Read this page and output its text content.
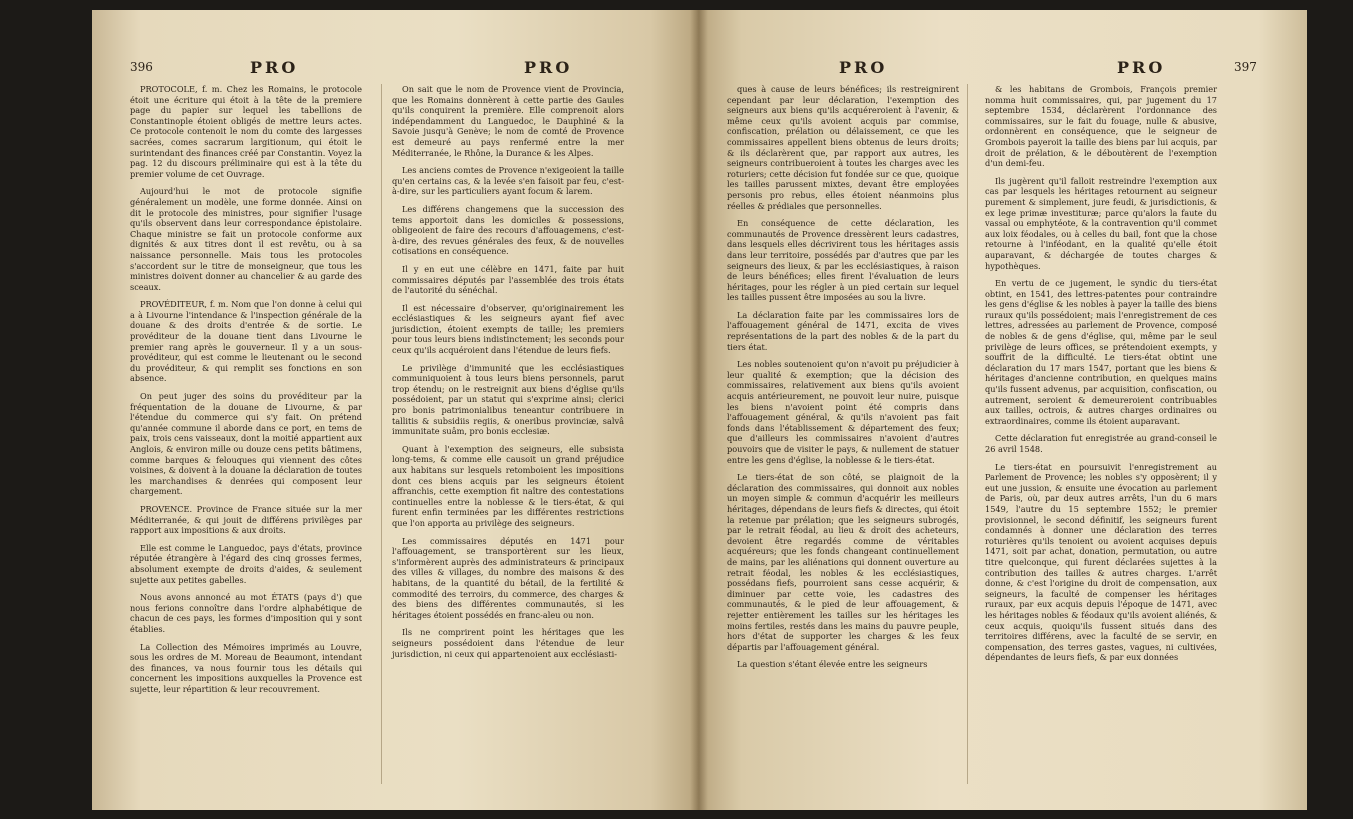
396	PRO	PRO

PROTOCOLE, f. m. Chez les Romains, le protocole étoit une écriture qui étoit à la tête de la premiere page du papier sur lequel les tabellions de Constantinople étoient obligés de mettre leurs actes. Ce protocole contenoit le nom du comte des largesses sacrées, comes sacrarum largitionum, qui étoit le surintendant des finances créé par Constantin. Voyez la pag. 12 du discours préliminaire qui est à la tête du premier volume de cet Ouvrage.

Aujourd'hui le mot de protocole signifie généralement un modèle, une forme donnée. Ainsi on dit le protocole des ministres, pour signifier l'usage qu'ils observent dans leur correspondance épistolaire. Chaque ministre se fait un protocole conforme aux dignités & aux titres dont il est revêtu, ou à sa naissance personnelle. Mais tous les protocoles s'accordent sur le titre de monseigneur, que tous les ministres doivent donner au chancelier & au garde des sceaux.

PROVÉDITEUR, f. m. Nom que l'on donne à celui qui a à Livourne l'intendance & l'inspection générale de la douane & des droits d'entrée & de sortie. Le provéditeur de la douane tient dans Livourne le premier rang après le gouverneur. Il y a un sous-provéditeur, qui est comme le lieutenant ou le second du provéditeur, & qui remplit ses fonctions en son absence.

On peut juger des soins du provéditeur par la fréquentation de la douane de Livourne, & par l'étendue du commerce qui s'y fait. On prétend qu'année commune il aborde dans ce port, en tems de paix, trois cens vaisseaux, dont la moitié appartient aux Anglois, & environ mille ou douze cens petits bâtimens, comme barques & felouques qui viennent des côtes voisines, & doivent à la douane la déclaration de toutes les marchandises & denrées qui composent leur chargement.

PROVENCE. Province de France située sur la mer Méditerranée, & qui jouit de différens privilèges par rapport aux impositions & aux droits.

Elle est comme le Languedoc, pays d'états, province réputée étrangère à l'égard des cinq grosses fermes, absolument exempte de droits d'aides, & seulement sujette aux petites gabelles.

Nous avons annoncé au mot ÉTATS (pays d') que nous ferions connoître dans l'ordre alphabétique de chacun de ces pays, les formes d'imposition qui y sont établies.

La Collection des Mémoires imprimés au Louvre, sous les ordres de M. Moreau de Beaumont, intendant des finances, va nous fournir tous les détails qui concernent les impositions auxquelles la Provence est sujette, leur répartition & leur recouvrement.

On sait que le nom de Provence vient de Provincia, que les Romains donnèrent à cette partie des Gaules qu'ils conquirent la première. Elle comprenoit alors indépendamment du Languedoc, le Dauphiné & la Savoie jusqu'à Genève; le nom de comté de Provence est demeuré au pays renfermé entre la mer Méditerranée, le Rhône, la Durance & les Alpes.

Les anciens comtes de Provence n'exigeoient la taille qu'en certains cas, & la levée s'en faisoit par feu, c'est-à-dire, sur les particuliers ayant focum & larem.

Les différens changemens que la succession des tems apportoit dans les domiciles & possessions, obligeoient de faire des recours d'affouagemens, c'est-à-dire, des revues générales des feux, & de nouvelles cotisations en conséquence.

Il y en eut une célèbre en 1471, faite par huit commissaires députés par l'assemblée des trois états de l'autorité du sénéchal.

Il est nécessaire d'observer, qu'originairement les ecclésiastiques & les seigneurs ayant fief avec jurisdiction, étoient exempts de taille; les premiers pour tous leurs biens indistinctement; les seconds pour ceux qu'ils acquéroient dans l'étendue de leurs fiefs.

Le privilège d'immunité que les ecclésiastiques communiquoient à tous leurs biens personnels, parut trop étendu; on le restreignit aux biens d'église qu'ils possédoient, par un statut qui s'exprime ainsi; clerici pro bonis patrimonialibus teneantur contribuere in tallitis & subsidiis regiis, & oneribus provinciæ, salvâ immunitate suâm, pro bonis ecclesiæ.

Quant à l'exemption des seigneurs, elle subsista long-tems, & comme elle causoit un grand préjudice aux habitans sur lesquels retomboient les impositions dont ces biens acquis par les seigneurs étoient affranchis, cette exemption fit naître des contestations continuelles entre la noblesse & le tiers-état, & qui furent enfin terminées par les différentes restrictions que l'on apporta au privilège des seigneurs.

Les commissaires députés en 1471 pour l'affouagement, se transportèrent sur les lieux, s'informèrent auprès des administrateurs & principaux des villes & villages, du nombre des maisons & des habitans, de la quantité du bétail, de la fertilité & commodité des terroirs, du commerce, des charges & des biens des différentes communautés, si les héritages étoient possédés en franc-aleu ou non.

Ils ne comprirent point les héritages que les seigneurs possédoient dans l'étendue de leur jurisdiction, ni ceux qui appartenoient aux ecclésiasti-

PRO	PRO	397

ques à cause de leurs bénéfices; ils restreignirent cependant par leur déclaration, l'exemption des seigneurs aux biens qu'ils acquéreroient à l'avenir, & même ceux qu'ils avoient acquis par commise, confiscation, prélation ou délaissement, ce que les commissaires appellent biens obtenus de leurs droits; & ils déclarèrent que, par rapport aux autres, les seigneurs contribueroient à toutes les charges avec les roturiers; cette décision fut fondée sur ce que, quoique les tailles parussent mixtes, devant être employées personis pro rebus, elles étoient néanmoins plus réelles & prédiales que personnelles.

En conséquence de cette déclaration, les communautés de Provence dressèrent leurs cadastres, dans lesquels elles décrivirent tous les héritages assis dans leur territoire, possédés par d'autres que par les seigneurs des lieux, & par les ecclésiastiques, à raison de leurs bénéfices; elles firent l'évaluation de leurs héritages, pour les régler à un pied certain sur lequel les tailles pussent être imposées au sou la livre.

La déclaration faite par les commissaires lors de l'affouagement général de 1471, excita de vives représentations de la part des nobles & de la part du tiers état.

Les nobles soutenoient qu'on n'avoit pu préjudicier à leur qualité & exemption; que la décision des commissaires, relativement aux biens qu'ils avoient acquis antérieurement, ne pouvoit leur nuire, puisque les biens n'avoient point été compris dans l'affouagement général, & qu'ils n'avoient pas fait fonds dans l'établissement & département des feux; que d'ailleurs les commissaires n'avoient d'autres pouvoirs que de visiter le pays, & nullement de statuer entre les gens d'église, la noblesse & le tiers-état.

Le tiers-état de son côté, se plaignoit de la déclaration des commissaires, qui donnoit aux nobles un moyen simple & commun d'acquérir les meilleurs héritages, dépendans de leurs fiefs & directes, qui étoit la retenue par prélation; que les seigneurs subrogés, par le retrait féodal, au lieu & droit des acheteurs, devoient être regardés comme de véritables acquéreurs; que les fonds changeant continuellement de mains, par les aliénations qui donnent ouverture au retrait féodal, les nobles & les ecclésiastiques, possédans fiefs, pourroient sans cesse acquérir, & diminuer par cette voie, les cadastres des communautés, & le pied de leur affouagement, & rejetter entièrement les tailles sur les héritages les moins fertiles, restés dans les mains du pauvre peuple, hors d'état de supporter les charges & les feux départis par l'affouagement général.

La question s'étant élevée entre les seigneurs

& les habitans de Grombois, François premier nomma huit commissaires, qui, par jugement du 17 septembre 1534, déclarèrent l'ordonnance des commissaires, sur le fait du fouage, nulle & abusive, ordonnèrent en conséquence, que le seigneur de Grombois payeroit la taille des biens par lui acquis, par droit de prélation, & le déboutèrent de l'exemption d'un demi-feu.

Ils jugèrent qu'il falloit restreindre l'exemption aux cas par lesquels les héritages retournent au seigneur purement & simplement, jure feudi, & jurisdictionis, & ex lege primæ investituræ; parce qu'alors la faute du vassal ou emphytéote, & la contravention qu'il commet aux loix féodales, ou à celles du bail, font que la chose retourne à l'inféodant, en la qualité qu'elle étoit auparavant, & déchargée de toutes charges & hypothèques.

En vertu de ce jugement, le syndic du tiers-état obtint, en 1541, des lettres-patentes pour contraindre les gens d'église & les nobles à payer la taille des biens ruraux qu'ils possédoient; mais l'enregistrement de ces lettres, adressées au parlement de Provence, composé de nobles & de gens d'église, qui, même par le seul privilège de leurs offices, se prétendoient exempts, y souffrit de la difficulté. Le tiers-état obtint une déclaration du 17 mars 1547, portant que les biens & héritages d'ancienne contribution, en quelques mains qu'ils fussent advenus, par acquisition, confiscation, ou autrement, seroient & demeureroient contribuables aux tailles, octrois, & autres charges ordinaires ou extraordinaires, comme ils étoient auparavant.

Cette déclaration fut enregistrée au grand-conseil le 26 avril 1548.

Le tiers-état en poursuivit l'enregistrement au Parlement de Provence; les nobles s'y opposèrent; il y eut une jussion, & ensuite une évocation au parlement de Paris, où, par deux autres arrêts, l'un du 6 mars 1549, l'autre du 15 septembre 1552; le premier provisionnel, le second définitif, les seigneurs furent condamnés à donner une déclaration des terres roturières qu'ils tenoient ou avoient acquises depuis 1471, soit par achat, donation, permutation, ou autre titre quelconque, qui furent déclarées sujettes à la contribution des tailles & autres charges. L'arrêt donne, & c'est l'origine du droit de compensation, aux seigneurs, la faculté de compenser les héritages ruraux, par eux acquis depuis l'époque de 1471, avec les héritages nobles & féodaux qu'ils avoient aliénés, & ceux acquis, quoiqu'ils fussent situés dans des territoires différens, avec la faculté de se servir, en compensation, des terres gastes, vagues, ni cultivées, dépendantes de leurs fiefs, & par eux données
